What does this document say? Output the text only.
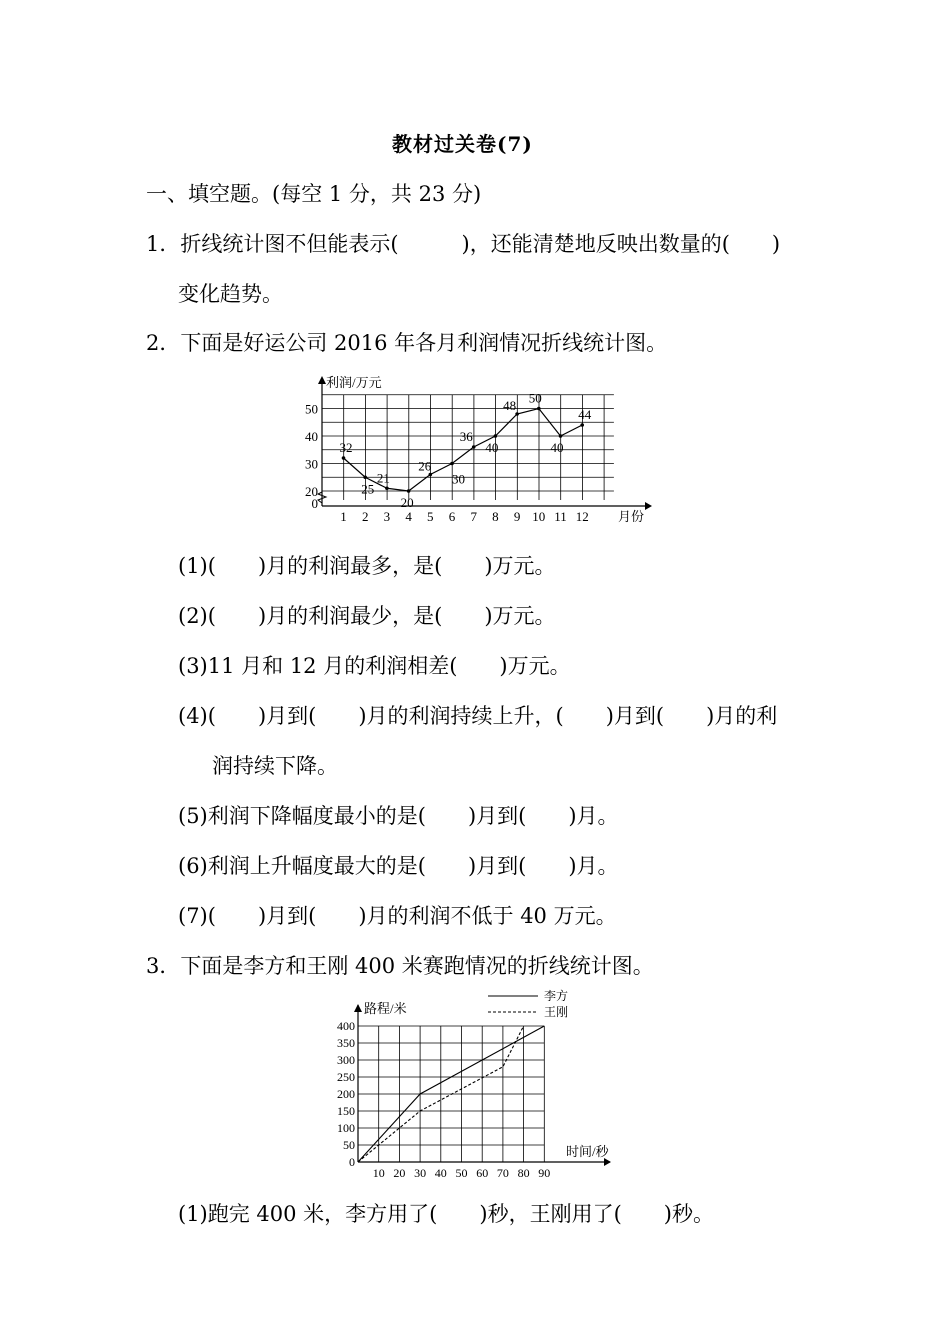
教材过关卷(7)
一、填空题。(每空 1 分，共 23 分)
1．折线统计图不但能表示(　　　)，还能清楚地反映出数量的(　　)
变化趋势。
2．下面是好运公司 2016 年各月利润情况折线统计图。
利润/万元
月份
0
20
30
40
50
1 2 3 4 5 6 7 8 9 10 11 12
32
25
21
20
26
30
36
40
48 50
40
44
(1)(　　)月的利润最多，是(　　)万元。
(2)(　　)月的利润最少，是(　　)万元。
(3)11 月和 12 月的利润相差(　　)万元。
(4)(　　)月到(　　)月的利润持续上升，(　　)月到(　　)月的利
润持续下降。
(5)利润下降幅度最小的是(　　)月到(　　)月。
(6)利润上升幅度最大的是(　　)月到(　　)月。
(7)(　　)月到(　　)月的利润不低于 40 万元。
3．下面是李方和王刚 400 米赛跑情况的折线统计图。
路程/米
时间/秒
0
50
100
150
200
250
300
350
400
10 20 30 40 50 60 70 80 90
李方
王刚
(1)跑完 400 米，李方用了(　　)秒，王刚用了(　　)秒。
